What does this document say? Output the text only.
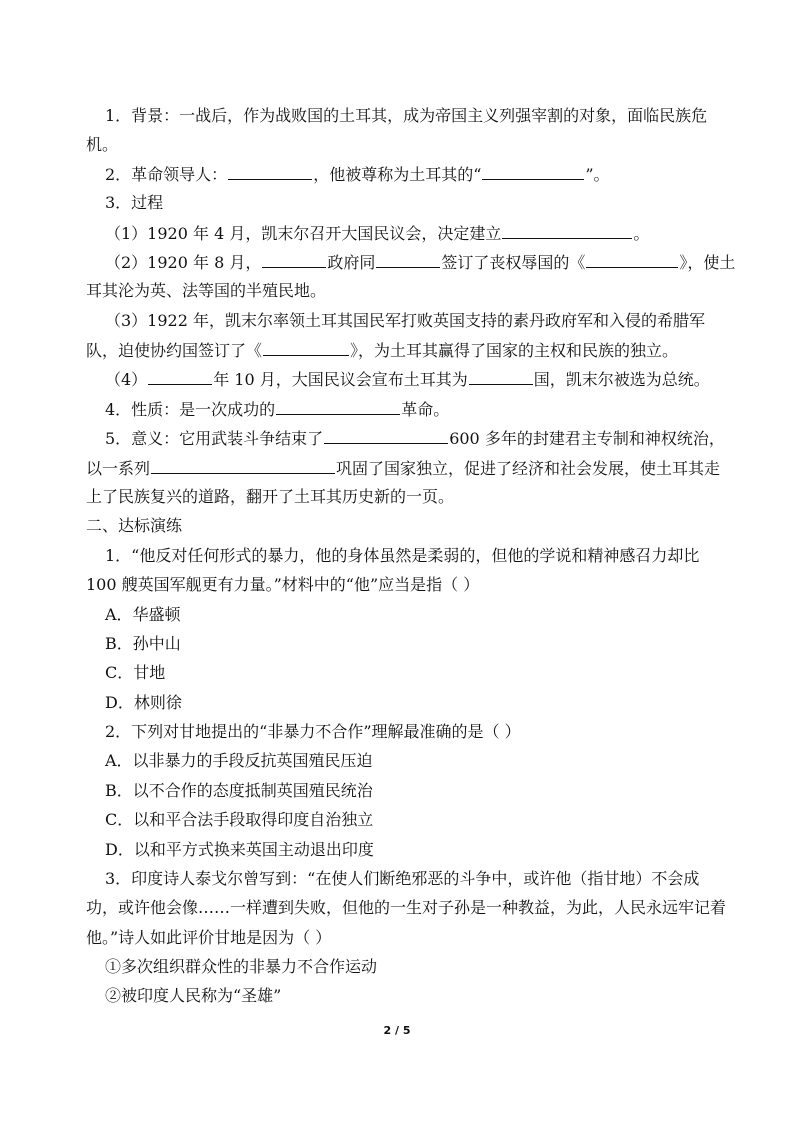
1．背景：一战后，作为战败国的土耳其，成为帝国主义列强宰割的对象，面临民族危
机。
2．革命领导人：	，他被尊称为土耳其的“	”。
3．过程
（1）1920 年 4 月，凯末尔召开大国民议会，决定建立	。
（2）1920 年 8 月，	政府同	签订了丧权辱国的《	》，使土
耳其沦为英、法等国的半殖民地。
（3）1922 年，凯末尔率领土耳其国民军打败英国支持的素丹政府军和入侵的希腊军
队，迫使协约国签订了《	》，为土耳其赢得了国家的主权和民族的独立。
（4）	年 10 月，大国民议会宣布土耳其为	国，凯末尔被选为总统。
4．性质：是一次成功的	革命。
5．意义：它用武装斗争结束了	600 多年的封建君主专制和神权统治，
以一系列	巩固了国家独立，促进了经济和社会发展，使土耳其走
上了民族复兴的道路，翻开了土耳其历史新的一页。
二、达标演练
1．“他反对任何形式的暴力，他的身体虽然是柔弱的，但他的学说和精神感召力却比
100 艘英国军舰更有力量。”材料中的“他”应当是指（ ）
A．华盛顿
B．孙中山
C．甘地
D．林则徐
2．下列对甘地提出的“非暴力不合作”理解最准确的是（ ）
A．以非暴力的手段反抗英国殖民压迫
B．以不合作的态度抵制英国殖民统治
C．以和平合法手段取得印度自治独立
D．以和平方式换来英国主动退出印度
3．印度诗人泰戈尔曾写到：“在使人们断绝邪恶的斗争中，或许他（指甘地）不会成
功，或许他会像……一样遭到失败，但他的一生对子孙是一种教益，为此，人民永远牢记着
他。”诗人如此评价甘地是因为（ ）
①多次组织群众性的非暴力不合作运动
②被印度人民称为“圣雄”
2 / 5
